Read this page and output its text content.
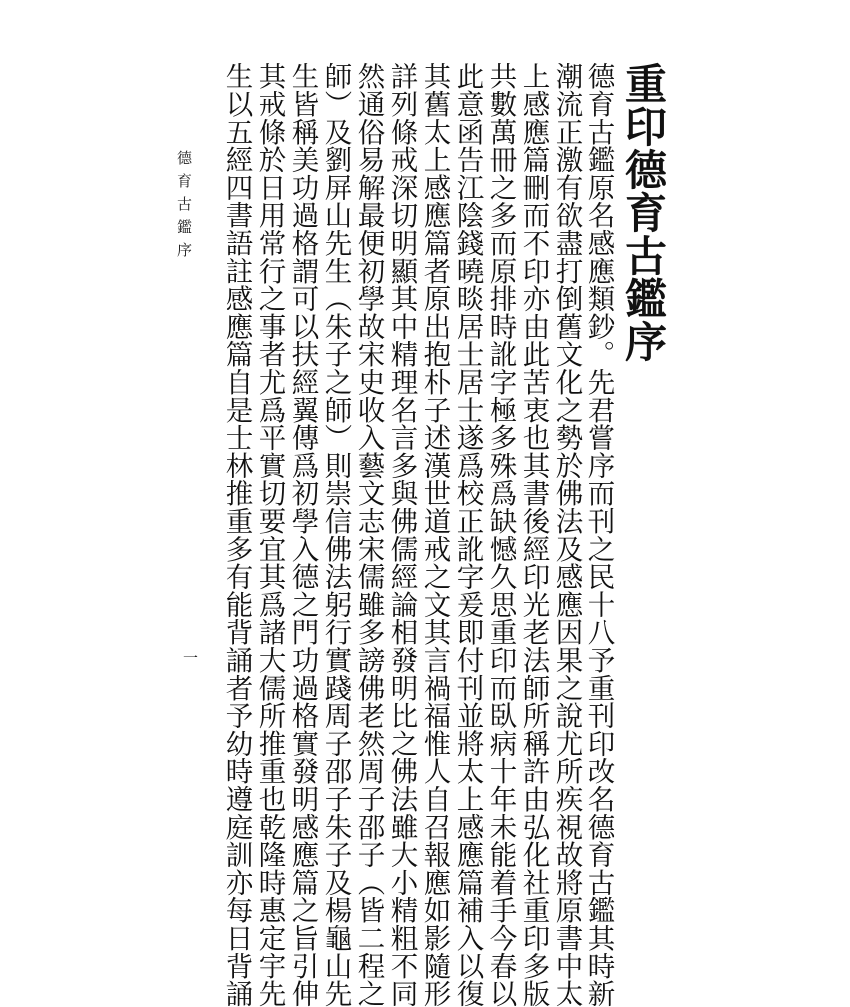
重印德育古鑑序
德育古鑑原名感應類鈔。先君嘗序而刊之民十八予重刊印改名德育古鑑其時新
潮流正激有欲盡打倒舊文化之勢於佛法及感應因果之說尤所疾視故將原書中太
上感應篇刪而不印亦由此苦衷也其書後經印光老法師所稱許由弘化社重印多版
共數萬冊之多而原排時訛字極多殊爲缺憾久思重印而臥病十年未能着手今春以
此意函告江陰錢曉晱居士居士遂爲校正訛字爰即付刊並將太上感應篇補入以復
其舊太上感應篇者原出抱朴子述漢世道戒之文其言禍福惟人自召報應如影隨形
詳列條戒深切明顯其中精理名言多與佛儒經論相發明比之佛法雖大小精粗不同
然通俗易解最便初學故宋史收入藝文志宋儒雖多謗佛老然周子邵子（皆二程之
師）及劉屏山先生（朱子之師）則崇信佛法躬行實踐周子邵子朱子及楊龜山先
生皆稱美功過格謂可以扶經翼傳爲初學入德之門功過格實發明感應篇之旨引伸
其戒條於日用常行之事者尤爲平實切要宜其爲諸大儒所推重也乾隆時惠定宇先
生以五經四書語註感應篇自是士林推重多有能背誦者予幼時遵庭訓亦每日背誦
德育古鑑序
一
